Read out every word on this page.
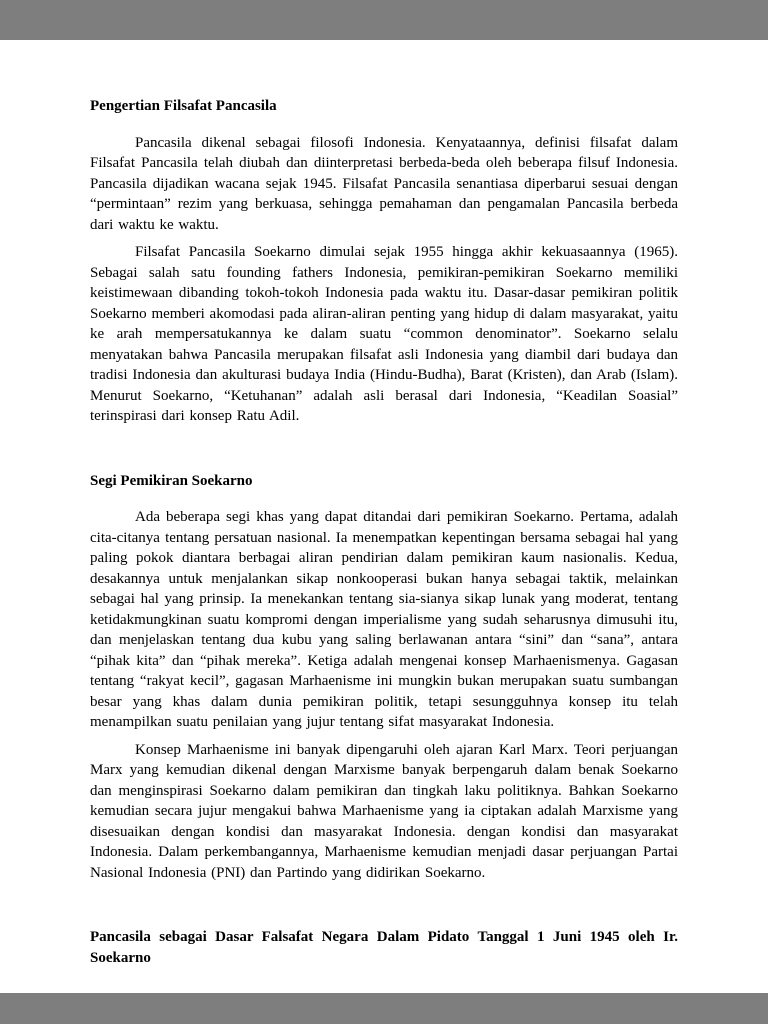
Pengertian Filsafat Pancasila

Pancasila dikenal sebagai filosofi Indonesia. Kenyataannya, definisi filsafat dalam Filsafat Pancasila telah diubah dan diinterpretasi berbeda-beda oleh beberapa filsuf Indonesia. Pancasila dijadikan wacana sejak 1945. Filsafat Pancasila senantiasa diperbarui sesuai dengan “permintaan” rezim yang berkuasa, sehingga pemahaman dan pengamalan Pancasila berbeda dari waktu ke waktu.

Filsafat Pancasila Soekarno dimulai sejak 1955 hingga akhir kekuasaannya (1965). Sebagai salah satu founding fathers Indonesia, pemikiran-pemikiran Soekarno memiliki keistimewaan dibanding tokoh-tokoh Indonesia pada waktu itu. Dasar-dasar pemikiran politik Soekarno memberi akomodasi pada aliran-aliran penting yang hidup di dalam masyarakat, yaitu ke arah mempersatukannya ke dalam suatu “common denominator”. Soekarno selalu menyatakan bahwa Pancasila merupakan filsafat asli Indonesia yang diambil dari budaya dan tradisi Indonesia dan akulturasi budaya India (Hindu-Budha), Barat (Kristen), dan Arab (Islam). Menurut Soekarno, “Ketuhanan” adalah asli berasal dari Indonesia, “Keadilan Soasial” terinspirasi dari konsep Ratu Adil.

Segi Pemikiran Soekarno

Ada beberapa segi khas yang dapat ditandai dari pemikiran Soekarno. Pertama, adalah cita-citanya tentang persatuan nasional. Ia menempatkan kepentingan bersama sebagai hal yang paling pokok diantara berbagai aliran pendirian dalam pemikiran kaum nasionalis. Kedua, desakannya untuk menjalankan sikap nonkooperasi bukan hanya sebagai taktik, melainkan sebagai hal yang prinsip. Ia menekankan tentang sia-sianya sikap lunak yang moderat, tentang ketidakmungkinan suatu kompromi dengan imperialisme yang sudah seharusnya dimusuhi itu, dan menjelaskan tentang dua kubu yang saling berlawanan antara “sini” dan “sana”, antara “pihak kita” dan “pihak mereka”. Ketiga adalah mengenai konsep Marhaenismenya. Gagasan tentang “rakyat kecil”, gagasan Marhaenisme ini mungkin bukan merupakan suatu sumbangan besar yang khas dalam dunia pemikiran politik, tetapi sesungguhnya konsep itu telah menampilkan suatu penilaian yang jujur tentang sifat masyarakat Indonesia.

Konsep Marhaenisme ini banyak dipengaruhi oleh ajaran Karl Marx. Teori perjuangan Marx yang kemudian dikenal dengan Marxisme banyak berpengaruh dalam benak Soekarno dan menginspirasi Soekarno dalam pemikiran dan tingkah laku politiknya. Bahkan Soekarno kemudian secara jujur mengakui bahwa Marhaenisme yang ia ciptakan adalah Marxisme yang disesuaikan dengan kondisi dan masyarakat Indonesia. dengan kondisi dan masyarakat Indonesia. Dalam perkembangannya, Marhaenisme kemudian menjadi dasar perjuangan Partai Nasional Indonesia (PNI) dan Partindo yang didirikan Soekarno.

Pancasila sebagai Dasar Falsafat Negara Dalam Pidato Tanggal 1 Juni 1945 oleh Ir. Soekarno
